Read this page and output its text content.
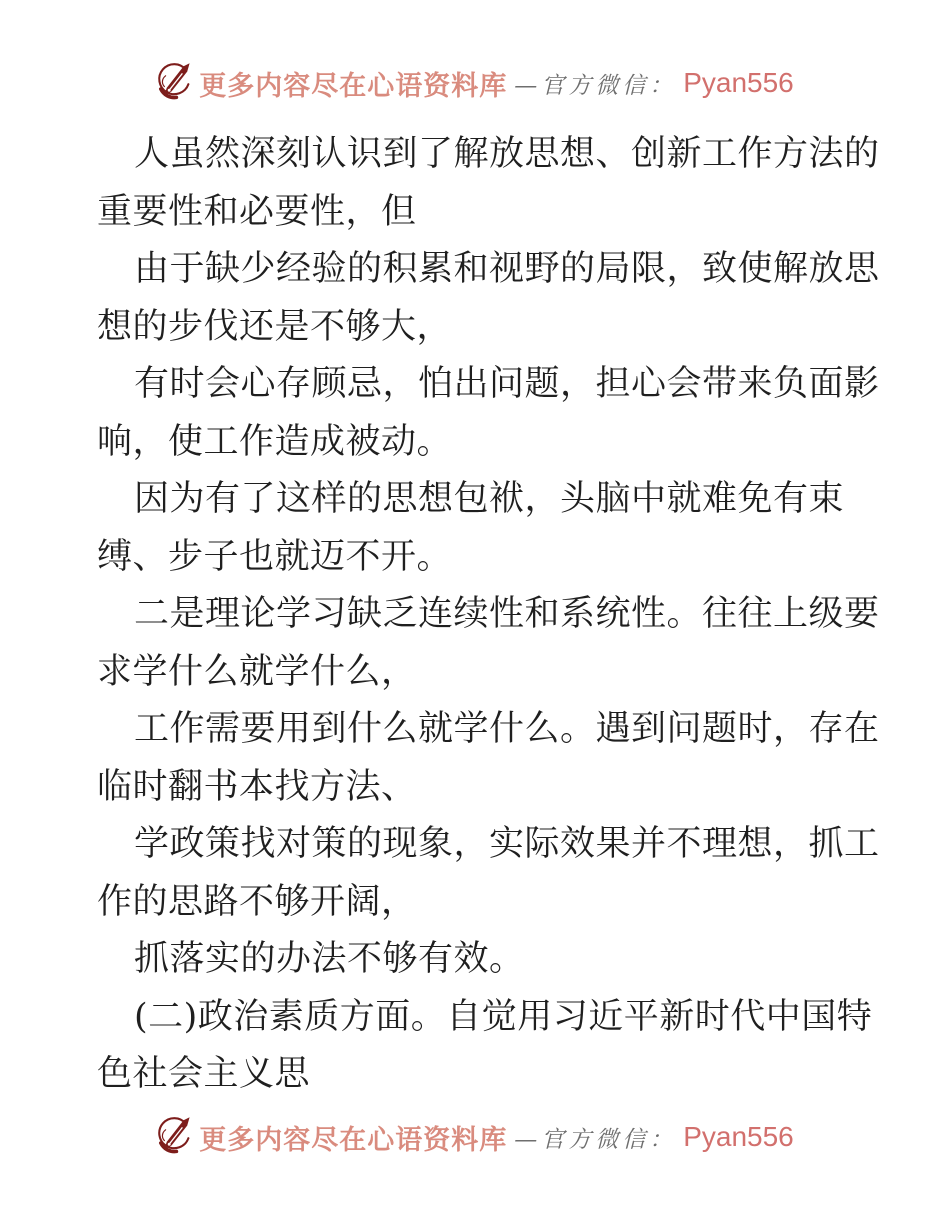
更多内容尽在心语资料库 —官方微信： Pyan556
人虽然深刻认识到了解放思想、创新工作方法的
重要性和必要性，但
由于缺少经验的积累和视野的局限，致使解放思
想的步伐还是不够大，
有时会心存顾忌，怕出问题，担心会带来负面影
响，使工作造成被动。
因为有了这样的思想包袱，头脑中就难免有束
缚、步子也就迈不开。
二是理论学习缺乏连续性和系统性。往往上级要
求学什么就学什么，
工作需要用到什么就学什么。遇到问题时，存在
临时翻书本找方法、
学政策找对策的现象，实际效果并不理想，抓工
作的思路不够开阔，
抓落实的办法不够有效。
(二)政治素质方面。自觉用习近平新时代中国特
色社会主义思
更多内容尽在心语资料库 —官方微信： Pyan556
